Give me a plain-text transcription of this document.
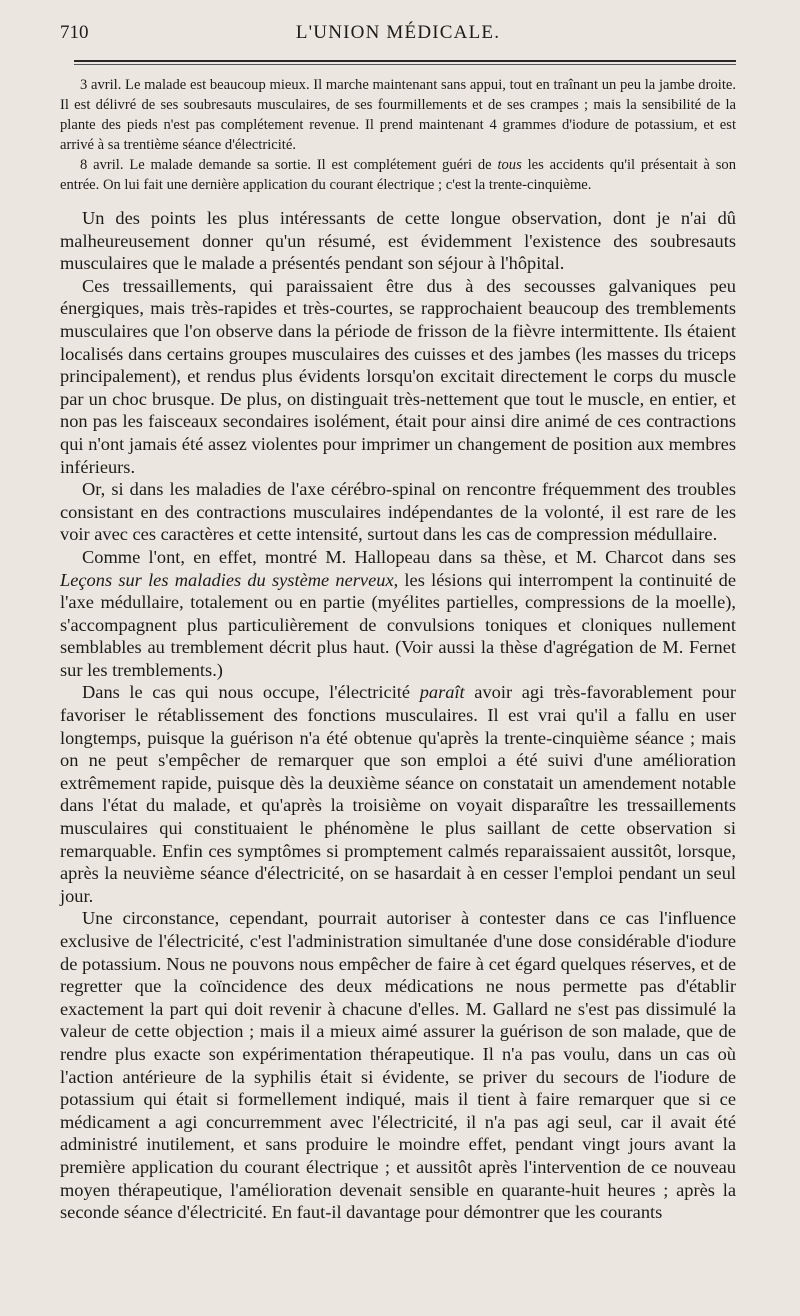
710	L'UNION MÉDICALE.

3 avril. Le malade est beaucoup mieux. Il marche maintenant sans appui, tout en traînant un peu la jambe droite. Il est délivré de ses soubresauts musculaires, de ses fourmillements et de ses crampes ; mais la sensibilité de la plante des pieds n'est pas complétement revenue. Il prend maintenant 4 grammes d'iodure de potassium, et est arrivé à sa trentième séance d'électricité.

8 avril. Le malade demande sa sortie. Il est complétement guéri de tous les accidents qu'il présentait à son entrée. On lui fait une dernière application du courant électrique ; c'est la trente-cinquième.

Un des points les plus intéressants de cette longue observation, dont je n'ai dû malheureusement donner qu'un résumé, est évidemment l'existence des soubresauts musculaires que le malade a présentés pendant son séjour à l'hôpital.

Ces tressaillements, qui paraissaient être dus à des secousses galvaniques peu énergiques, mais très-rapides et très-courtes, se rapprochaient beaucoup des tremblements musculaires que l'on observe dans la période de frisson de la fièvre intermittente. Ils étaient localisés dans certains groupes musculaires des cuisses et des jambes (les masses du triceps principalement), et rendus plus évidents lorsqu'on excitait directement le corps du muscle par un choc brusque. De plus, on distinguait très-nettement que tout le muscle, en entier, et non pas les faisceaux secondaires isolément, était pour ainsi dire animé de ces contractions qui n'ont jamais été assez violentes pour imprimer un changement de position aux membres inférieurs.

Or, si dans les maladies de l'axe cérébro-spinal on rencontre fréquemment des troubles consistant en des contractions musculaires indépendantes de la volonté, il est rare de les voir avec ces caractères et cette intensité, surtout dans les cas de compression médullaire.

Comme l'ont, en effet, montré M. Hallopeau dans sa thèse, et M. Charcot dans ses Leçons sur les maladies du système nerveux, les lésions qui interrompent la continuité de l'axe médullaire, totalement ou en partie (myélites partielles, compressions de la moelle), s'accompagnent plus particulièrement de convulsions toniques et cloniques nullement semblables au tremblement décrit plus haut. (Voir aussi la thèse d'agrégation de M. Fernet sur les tremblements.)

Dans le cas qui nous occupe, l'électricité paraît avoir agi très-favorablement pour favoriser le rétablissement des fonctions musculaires. Il est vrai qu'il a fallu en user longtemps, puisque la guérison n'a été obtenue qu'après la trente-cinquième séance ; mais on ne peut s'empêcher de remarquer que son emploi a été suivi d'une amélioration extrêmement rapide, puisque dès la deuxième séance on constatait un amendement notable dans l'état du malade, et qu'après la troisième on voyait disparaître les tressaillements musculaires qui constituaient le phénomène le plus saillant de cette observation si remarquable. Enfin ces symptômes si promptement calmés reparaissaient aussitôt, lorsque, après la neuvième séance d'électricité, on se hasardait à en cesser l'emploi pendant un seul jour.

Une circonstance, cependant, pourrait autoriser à contester dans ce cas l'influence exclusive de l'électricité, c'est l'administration simultanée d'une dose considérable d'iodure de potassium. Nous ne pouvons nous empêcher de faire à cet égard quelques réserves, et de regretter que la coïncidence des deux médications ne nous permette pas d'établir exactement la part qui doit revenir à chacune d'elles. M. Gallard ne s'est pas dissimulé la valeur de cette objection ; mais il a mieux aimé assurer la guérison de son malade, que de rendre plus exacte son expérimentation thérapeutique. Il n'a pas voulu, dans un cas où l'action antérieure de la syphilis était si évidente, se priver du secours de l'iodure de potassium qui était si formellement indiqué, mais il tient à faire remarquer que si ce médicament a agi concurremment avec l'électricité, il n'a pas agi seul, car il avait été administré inutilement, et sans produire le moindre effet, pendant vingt jours avant la première application du courant électrique ; et aussitôt après l'intervention de ce nouveau moyen thérapeutique, l'amélioration devenait sensible en quarante-huit heures ; après la seconde séance d'électricité. En faut-il davantage pour démontrer que les courants
